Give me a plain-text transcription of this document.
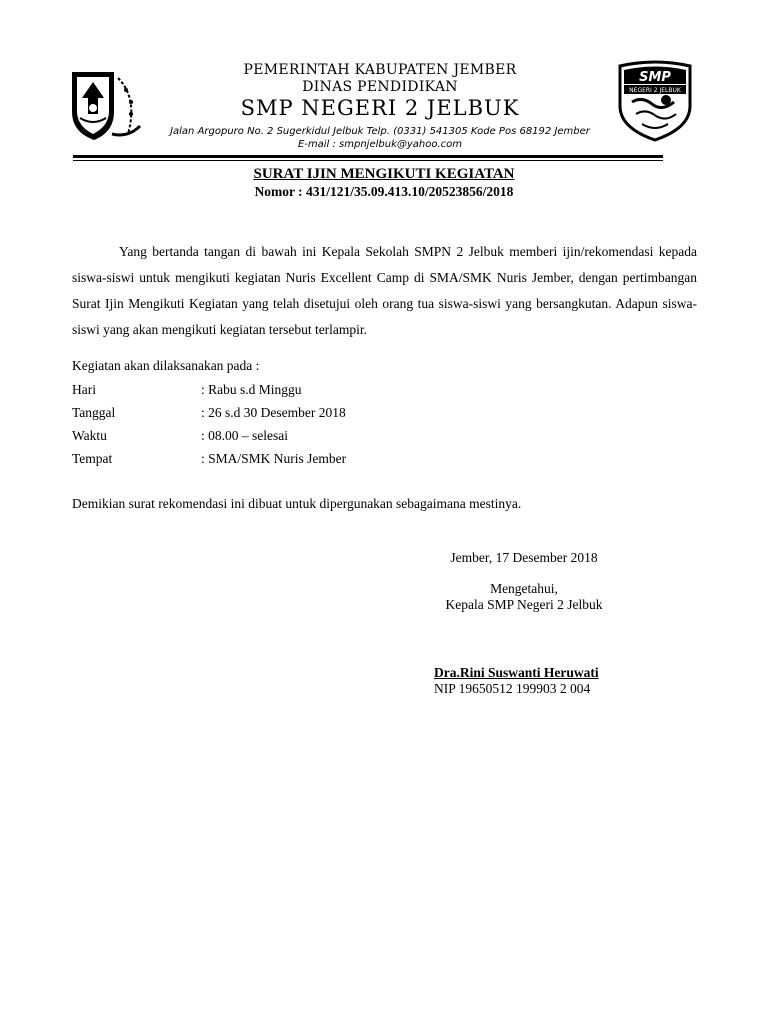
SMP
NEGERI 2 JELBUK
PEMERINTAH KABUPATEN JEMBER
DINAS PENDIDIKAN
SMP NEGERI 2 JELBUK
Jalan Argopuro No. 2 Sugerkidul Jelbuk Telp. (0331) 541305 Kode Pos 68192 Jember
E-mail : smpnjelbuk@yahoo.com
SURAT IJIN MENGIKUTI KEGIATAN
Nomor : 431/121/35.09.413.10/20523856/2018
Yang bertanda tangan di bawah ini Kepala Sekolah SMPN 2 Jelbuk memberi ijin/rekomendasi kepada siswa-siswi untuk mengikuti kegiatan Nuris Excellent Camp di SMA/SMK Nuris Jember, dengan pertimbangan Surat Ijin Mengikuti Kegiatan yang telah disetujui oleh orang tua siswa-siswi yang bersangkutan. Adapun siswa-siswi yang akan mengikuti kegiatan tersebut terlampir.
Kegiatan akan dilaksanakan pada :
Hari	: Rabu s.d Minggu
Tanggal	: 26 s.d 30 Desember 2018
Waktu	: 08.00 – selesai
Tempat	: SMA/SMK Nuris Jember
Demikian surat rekomendasi ini dibuat untuk dipergunakan sebagaimana mestinya.
Jember, 17 Desember 2018
Mengetahui,
Kepala SMP Negeri 2 Jelbuk
Dra.Rini Suswanti Heruwati
NIP 19650512 199903 2 004
